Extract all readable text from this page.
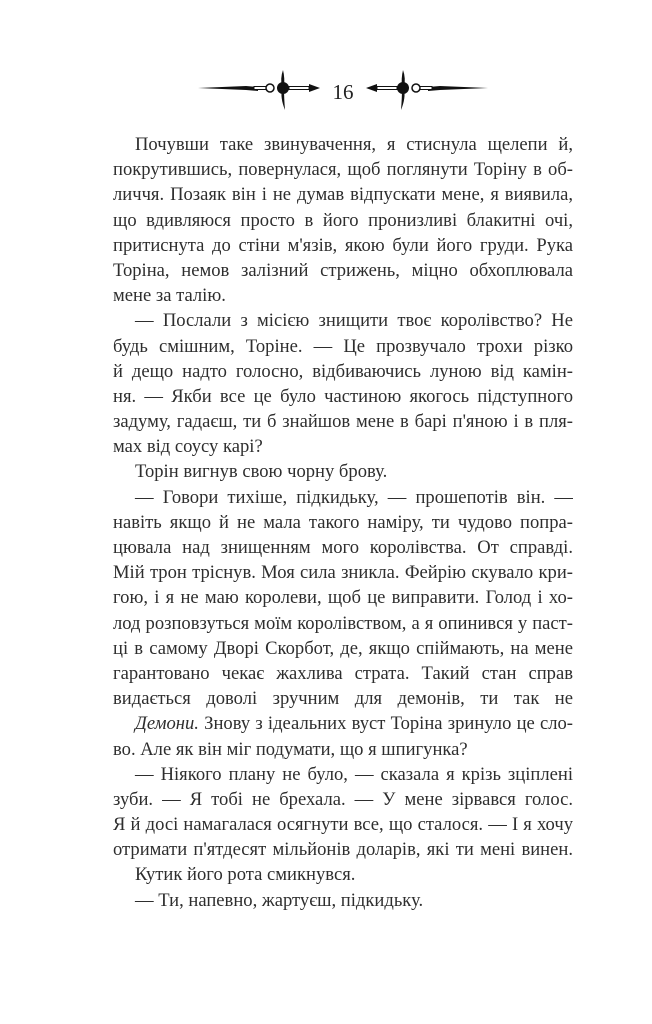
16
Почувши таке звинувачення, я стиснула щелепи й,
покрутившись, повернулася, щоб поглянути Торіну в об-
личчя. Позаяк він і не думав відпускати мене, я виявила,
що вдивляюся просто в його пронизливі блакитні очі,
притиснута до стіни м'язів, якою були його груди. Рука
Торіна, немов залізний стрижень, міцно обхоплювала
мене за талію.
— Послали з місією знищити твоє королівство? Не
будь смішним, Торіне. — Це прозвучало трохи різко
й дещо надто голосно, відбиваючись луною від камін-
ня. — Якби все це було частиною якогось підступного
задуму, гадаєш, ти б знайшов мене в барі п'яною і в пля-
мах від соусу карі?
Торін вигнув свою чорну брову.
— Говори тихіше, підкидьку, — прошепотів він. —
навіть якщо й не мала такого наміру, ти чудово попра-
цювала над знищенням мого королівства. От справді.
Мій трон тріснув. Моя сила зникла. Фейрію скувало кри-
гою, і я не маю королеви, щоб це виправити. Голод і хо-
лод розповзуться моїм королівством, а я опинився у паст-
ці в самому Дворі Скорбот, де, якщо спіймають, на мене
гарантовано чекає жахлива страта. Такий стан справ
видається доволі зручним для демонів, ти так не
Демони. Знову з ідеальних вуст Торіна зринуло це сло-
во. Але як він міг подумати, що я шпигунка?
— Ніякого плану не було, — сказала я крізь зціплені
зуби. — Я тобі не брехала. — У мене зірвався голос.
Я й досі намагалася осягнути все, що сталося. — І я хочу
отримати п'ятдесят мільйонів доларів, які ти мені винен.
Кутик його рота смикнувся.
— Ти, напевно, жартуєш, підкидьку.
